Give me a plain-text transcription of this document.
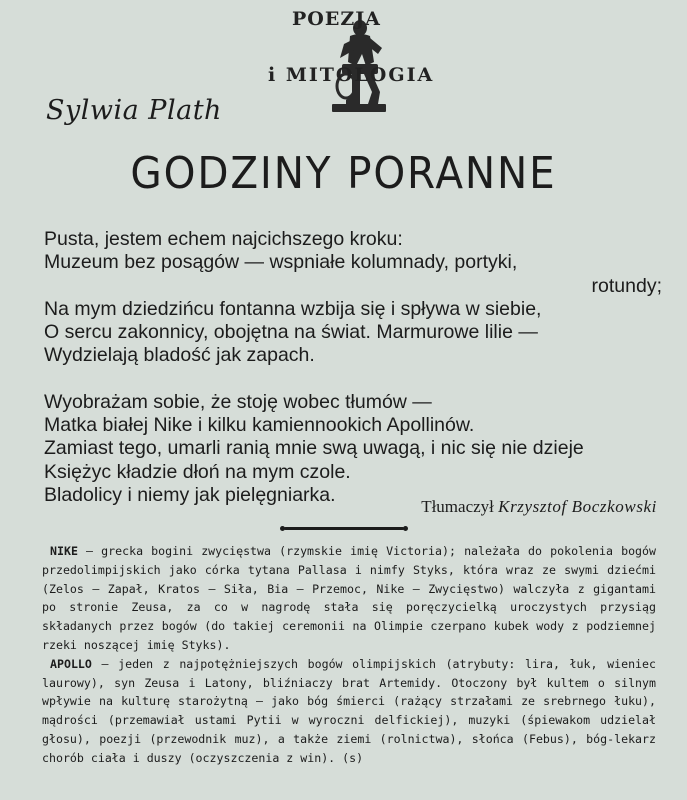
POEZJA
i MITOLOGIA
Sylwia Plath
GODZINY PORANNE
Pusta, jestem echem najcichszego kroku:
Muzeum bez posągów — wspniałe kolumnady, portyki,
rotundy;
Na mym dziedzińcu fontanna wzbija się i spływa w siebie,
O sercu zakonnicy, obojętna na świat. Marmurowe lilie —
Wydzielają bladość jak zapach.
Wyobrażam sobie, że stoję wobec tłumów —
Matka białej Nike i kilku kamiennookich Apollinów.
Zamiast tego, umarli ranią mnie swą uwagą, i nic się nie dzieje
Księżyc kładzie dłoń na mym czole.
Bladolicy i niemy jak pielęgniarka.
Tłumaczył Krzysztof Boczkowski

NIKE — grecka bogini zwycięstwa (rzymskie imię Victoria); należała do pokolenia bogów przedolimpijskich jako córka tytana Pallasa i nimfy Styks, która wraz ze swymi dziećmi (Zelos — Zapał, Kratos — Siła, Bia — Przemoc, Nike — Zwycięstwo) walczyła z gigantami po stronie Zeusa, za co w nagrodę stała się poręczycielką uroczystych przysiąg składanych przez bogów (do takiej ceremonii na Olimpie czerpano kubek wody z podziemnej rzeki noszącej imię Styks).

APOLLO — jeden z najpotężniejszych bogów olimpijskich (atrybuty: lira, łuk, wieniec laurowy), syn Zeusa i Latony, bliźniaczy brat Artemidy. Otoczony był kultem o silnym wpływie na kulturę starożytną — jako bóg śmierci (rażący strzałami ze srebrnego łuku), mądrości (przemawiał ustami Pytii w wyroczni delfickiej), muzyki (śpiewakom udzielał głosu), poezji (przewodnik muz), a także ziemi (rolnictwa), słońca (Febus), bóg-lekarz chorób ciała i duszy (oczyszczenia z win). (s)
